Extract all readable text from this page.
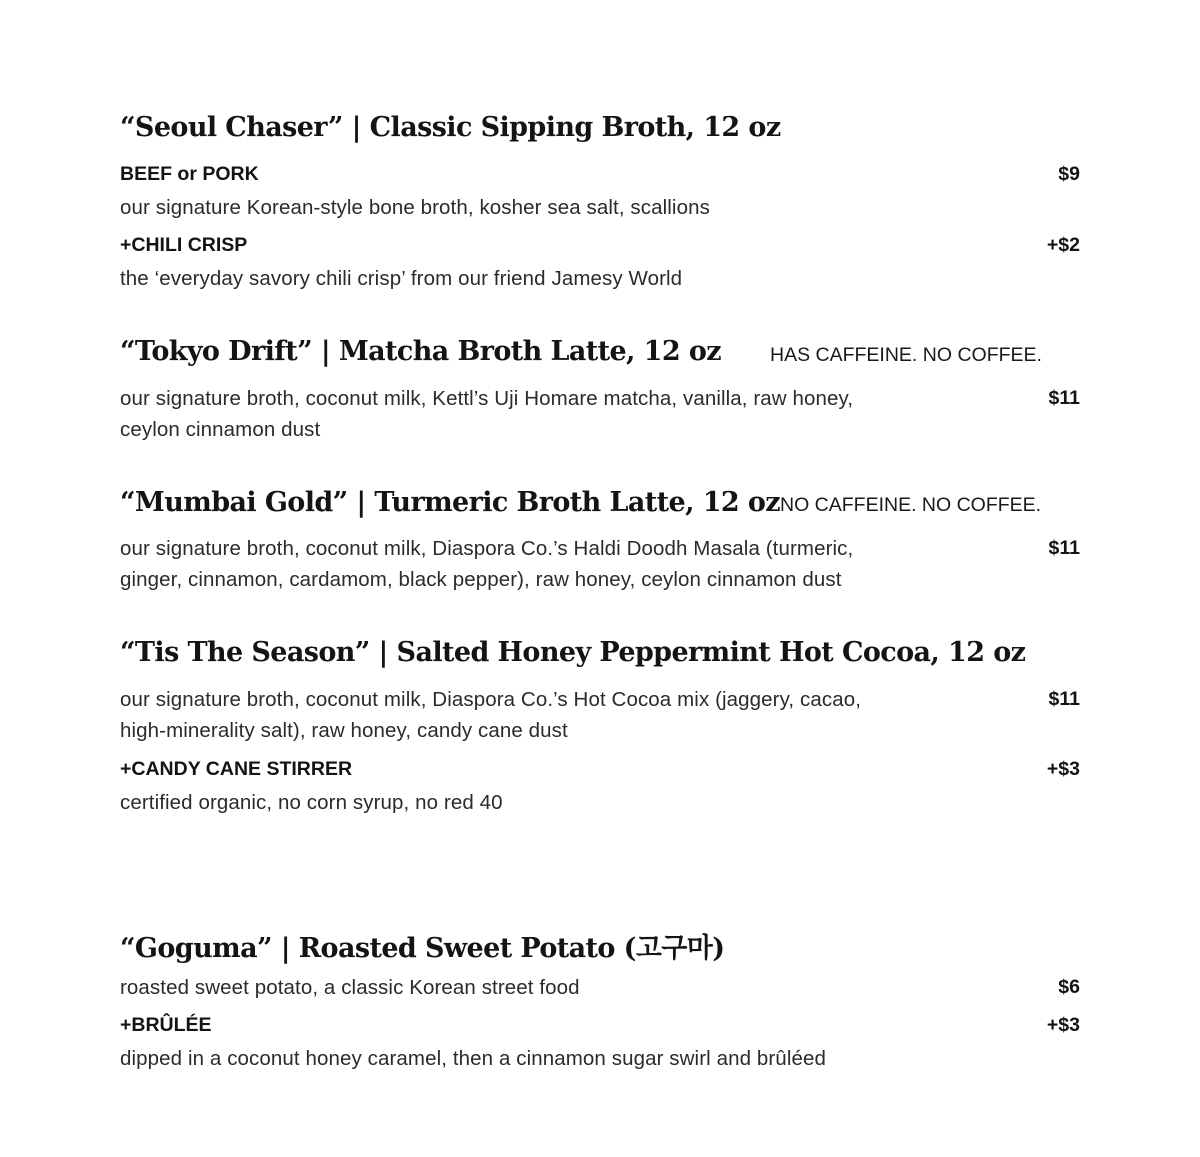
“Seoul Chaser” | Classic Sipping Broth, 12 oz
BEEF or PORK	$9
our signature Korean-style bone broth, kosher sea salt, scallions
+CHILI CRISP	+$2
the ‘everyday savory chili crisp’ from our friend Jamesy World
“Tokyo Drift” | Matcha Broth Latte, 12 oz	HAS CAFFEINE. NO COFFEE.
our signature broth, coconut milk, Kettl’s Uji Homare matcha, vanilla, raw honey,
ceylon cinnamon dust
$11
“Mumbai Gold” | Turmeric Broth Latte, 12 oz NO CAFFEINE. NO COFFEE.
our signature broth, coconut milk, Diaspora Co.’s Haldi Doodh Masala (turmeric,
ginger, cinnamon, cardamom, black pepper), raw honey, ceylon cinnamon dust
$11
“Tis The Season” | Salted Honey Peppermint Hot Cocoa, 12 oz
our signature broth, coconut milk, Diaspora Co.’s Hot Cocoa mix (jaggery, cacao,
high-minerality salt), raw honey, candy cane dust
$11
+CANDY CANE STIRRER	+$3
certified organic, no corn syrup, no red 40
“Goguma” | Roasted Sweet Potato (고구마)
roasted sweet potato, a classic Korean street food	$6
+BRÛLÉE	+$3
dipped in a coconut honey caramel, then a cinnamon sugar swirl and brûléed
